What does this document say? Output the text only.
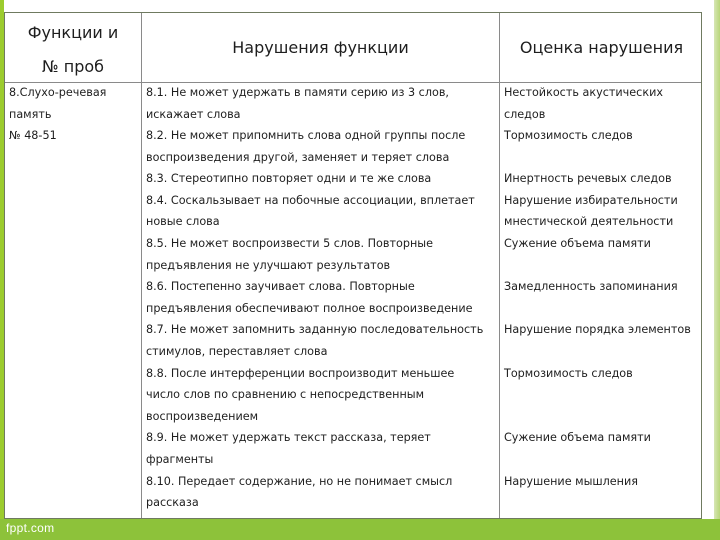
Функции и
№ проб
Нарушения функции	Оценка нарушения
8.Слухо-речевая
память
№ 48-51
8.1. Не может удержать в памяти серию из 3 слов,
искажает слова
8.2. Не может припомнить слова одной группы после
воспроизведения другой, заменяет и теряет слова
8.3. Стереотипно повторяет одни и те же слова
8.4. Соскальзывает на побочные ассоциации, вплетает
новые слова
8.5. Не может воспроизвести 5 слов. Повторные
предъявления не улучшают результатов
8.6. Постепенно заучивает слова. Повторные
предъявления обеспечивают полное воспроизведение
8.7. Не может запомнить заданную последовательность
стимулов, переставляет слова
8.8. После интерференции воспроизводит меньшее
число слов по сравнению с непосредственным
воспроизведением
8.9. Не может удержать текст рассказа, теряет
фрагменты
8.10. Передает содержание, но не понимает смысл
рассказа
Нестойкость акустических
следов
Тормозимость следов
Инертность речевых следов
Нарушение избирательности
мнестической деятельности
Сужение объема памяти
Замедленность запоминания
Нарушение порядка элементов
Тормозимость следов
Сужение объема памяти
Нарушение мышления
fppt.com
